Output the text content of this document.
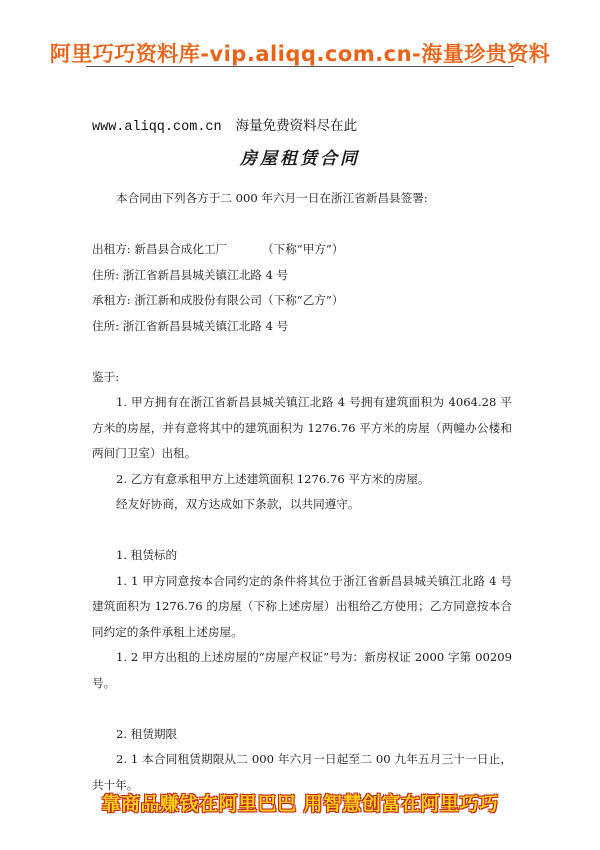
阿里巧巧资料库-vip.aliqq.com.cn-海量珍贵资料
www.aliqq.com.cn 海量免费资料尽在此
房屋租赁合同

本合同由下列各方于二 000 年六月一日在浙江省新昌县签署:

出租方: 新昌县合成化工厂	（下称“甲方”）

住所: 浙江省新昌县城关镇江北路 4 号

承租方: 浙江新和成股份有限公司 （下称“乙方”）

住所: 浙江省新昌县城关镇江北路 4 号

鉴于:

1. 甲方拥有在浙江省新昌县城关镇江北路 4 号拥有建筑面积为 4064.28 平方米的房屋，并有意将其中的建筑面积为 1276.76 平方米的房屋（两幢办公楼和两间门卫室）出租。

2. 乙方有意承租甲方上述建筑面积 1276.76 平方米的房屋。

经友好协商，双方达成如下条款，以共同遵守。

1. 租赁标的

1. 1 甲方同意按本合同约定的条件将其位于浙江省新昌县城关镇江北路 4 号建筑面积为 1276.76 的房屋（下称上述房屋）出租给乙方使用；乙方同意按本合同约定的条件承租上述房屋。

1. 2 甲方出租的上述房屋的“房屋产权证”号为：新房权证 2000 字第 00209 号。

2. 租赁期限

2. 1 本合同租赁期限从二 000 年六月一日起至二 00 九年五月三十一日止，共十年。

靠商品赚钱在阿里巴巴 用智慧创富在阿里巧巧
